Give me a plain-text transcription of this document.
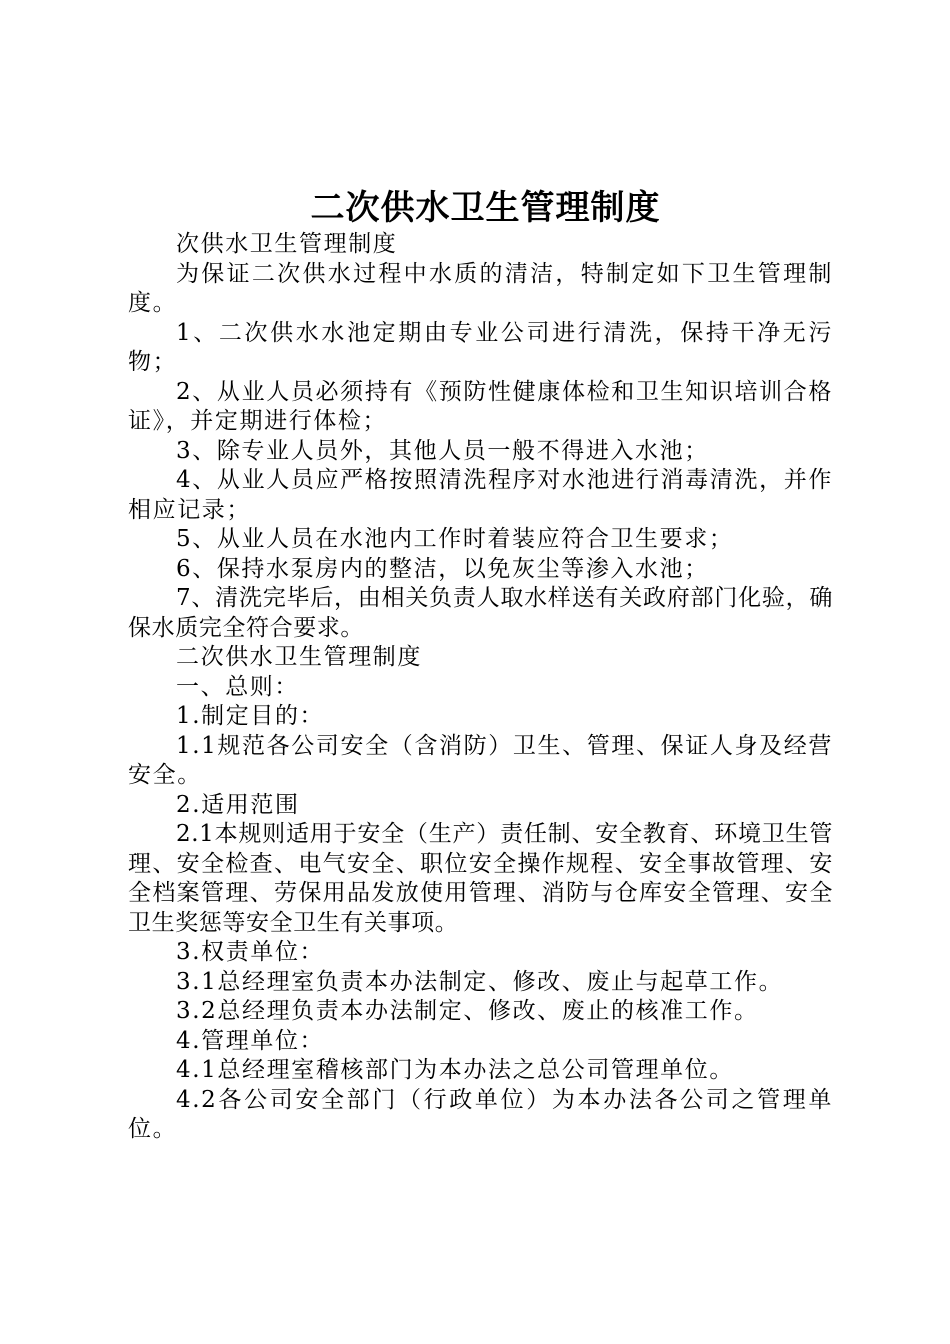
二次供水卫生管理制度

次供水卫生管理制度

为保证二次供水过程中水质的清洁，特制定如下卫生管理制度。

1、二次供水水池定期由专业公司进行清洗，保持干净无污物；

2、从业人员必须持有《预防性健康体检和卫生知识培训合格证》，并定期进行体检；

3、除专业人员外，其他人员一般不得进入水池；

4、从业人员应严格按照清洗程序对水池进行消毒清洗，并作相应记录；

5、从业人员在水池内工作时着装应符合卫生要求；

6、保持水泵房内的整洁，以免灰尘等渗入水池；

7、清洗完毕后，由相关负责人取水样送有关政府部门化验，确保水质完全符合要求。

二次供水卫生管理制度

一、总则：

1.制定目的：

1.1规范各公司安全（含消防）卫生、管理、保证人身及经营安全。

2.适用范围

2.1本规则适用于安全（生产）责任制、安全教育、环境卫生管理、安全检查、电气安全、职位安全操作规程、安全事故管理、安全档案管理、劳保用品发放使用管理、消防与仓库安全管理、安全卫生奖惩等安全卫生有关事项。

3.权责单位：

3.1总经理室负责本办法制定、修改、废止与起草工作。

3.2总经理负责本办法制定、修改、废止的核准工作。

4.管理单位：

4.1总经理室稽核部门为本办法之总公司管理单位。

4.2各公司安全部门（行政单位）为本办法各公司之管理单位。
